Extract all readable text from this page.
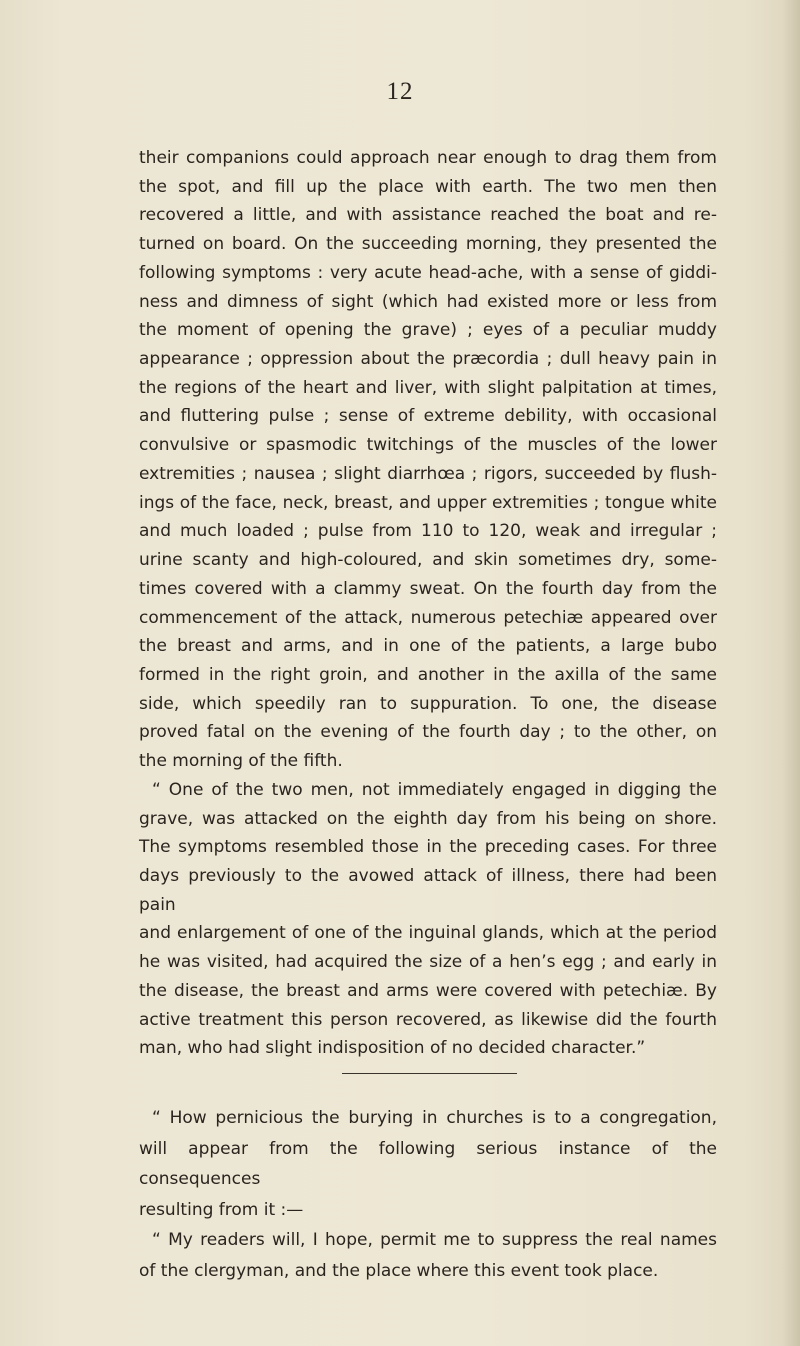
12

their companions could approach near enough to drag them from

the spot, and fill up the place with earth. The two men then

recovered a little, and with assistance reached the boat and re-

turned on board. On the succeeding morning, they presented the

following symptoms : very acute head-ache, with a sense of giddi-

ness and dimness of sight (which had existed more or less from

the moment of opening the grave) ; eyes of a peculiar muddy

appearance ; oppression about the præcordia ; dull heavy pain in

the regions of the heart and liver, with slight palpitation at times,

and fluttering pulse ; sense of extreme debility, with occasional

convulsive or spasmodic twitchings of the muscles of the lower

extremities ; nausea ; slight diarrhœa ; rigors, succeeded by flush-

ings of the face, neck, breast, and upper extremities ; tongue white

and much loaded ; pulse from 110 to 120, weak and irregular ;

urine scanty and high-coloured, and skin sometimes dry, some-

times covered with a clammy sweat. On the fourth day from the

commencement of the attack, numerous petechiæ appeared over

the breast and arms, and in one of the patients, a large bubo

formed in the right groin, and another in the axilla of the same

side, which speedily ran to suppuration. To one, the disease

proved fatal on the evening of the fourth day ; to the other, on

the morning of the fifth.

“ One of the two men, not immediately engaged in digging the

grave, was attacked on the eighth day from his being on shore.

The symptoms resembled those in the preceding cases. For three

days previously to the avowed attack of illness, there had been pain

and enlargement of one of the inguinal glands, which at the period

he was visited, had acquired the size of a hen’s egg ; and early in

the disease, the breast and arms were covered with petechiæ. By

active treatment this person recovered, as likewise did the fourth

man, who had slight indisposition of no decided character.”

“ How pernicious the burying in churches is to a congregation,

will appear from the following serious instance of the consequences

resulting from it :—

“ My readers will, I hope, permit me to suppress the real names

of the clergyman, and the place where this event took place.
